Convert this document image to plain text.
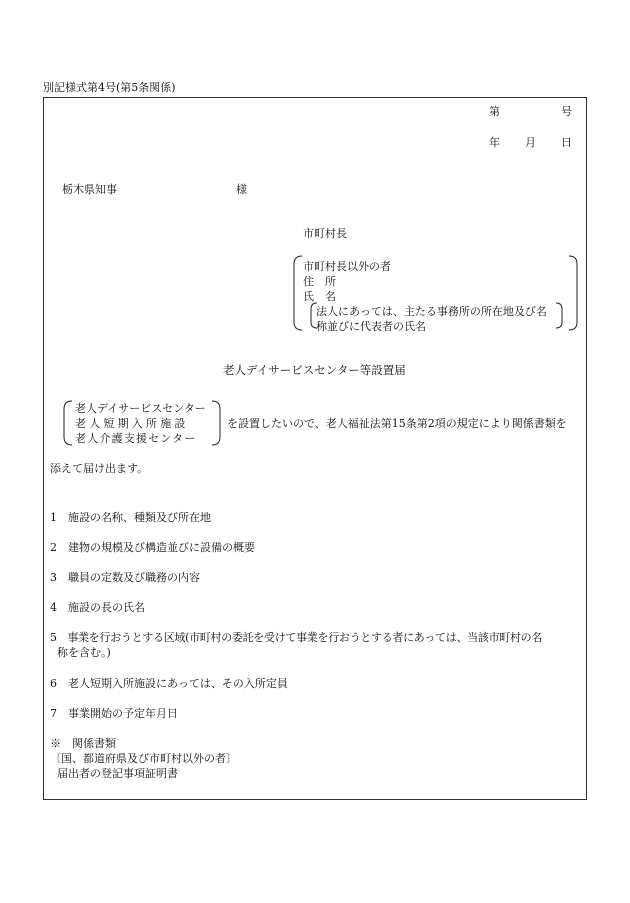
別記様式第4号(第5条関係)
第	号
年 月 日
栃木県知事	様
市町村長
市町村長以外の者
住　所
氏　名
法人にあっては、主たる事務所の所在地及び名
称並びに代表者の氏名
老人デイサービスセンター等設置届
老人デイサービスセンター
老人短期入所施設
老人介護支援センター
を設置したいので、老人福祉法第15条第2項の規定により関係書類を
添えて届け出ます。
1　施設の名称、種類及び所在地
2　建物の規模及び構造並びに設備の概要
3　職員の定数及び職務の内容
4　施設の長の氏名
5　事業を行おうとする区域(市町村の委託を受けて事業を行おうとする者にあっては、当該市町村の名
称を含む。)
6　老人短期入所施設にあっては、その入所定員
7　事業開始の予定年月日
※　関係書類
〔国、都道府県及び市町村以外の者〕
届出者の登記事項証明書
